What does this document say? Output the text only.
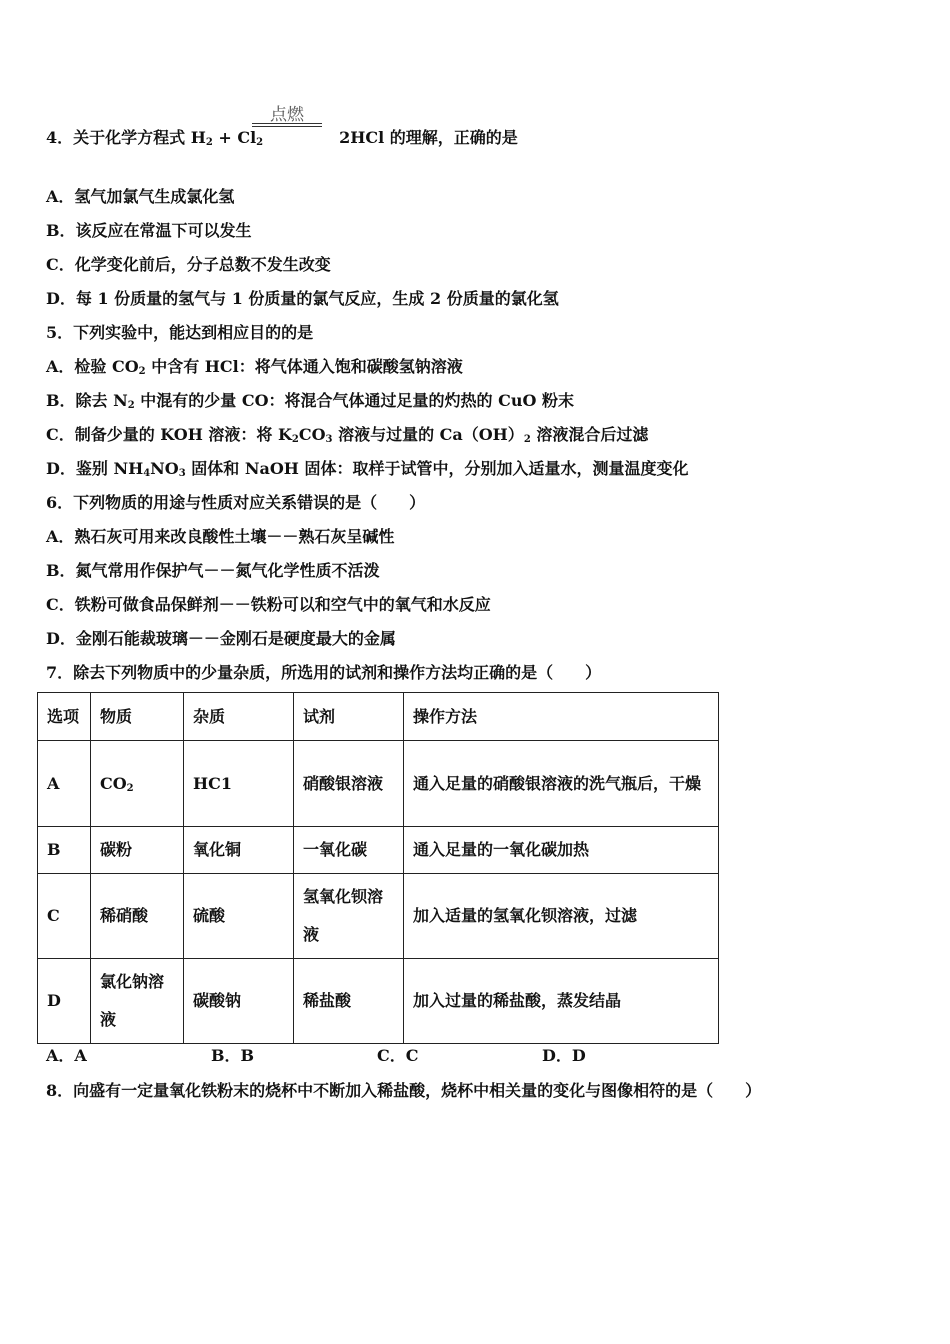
4．关于化学方程式 $H_2 + Cl_2$	2HCl 的理解，正确的是
点燃
A．氢气加氯气生成氯化氢
B．该反应在常温下可以发生
C．化学变化前后，分子总数不发生改变
D．每 1 份质量的氢气与 1 份质量的氯气反应，生成 2 份质量的氯化氢
5．下列实验中，能达到相应目的的是
A．检验 $CO_2$ 中含有 HCl：将气体通入饱和碳酸氢钠溶液
B．除去 $N_2$ 中混有的少量 CO：将混合气体通过足量的灼热的 CuO 粉末
C．制备少量的 KOH 溶液：将 $K_2CO_3$ 溶液与过量的 $Ca(OH)_2$ 溶液混合后过滤
D．鉴别 $NH_4NO_3$ 固体和 NaOH 固体：取样于试管中，分别加入适量水，测量温度变化
6．下列物质的用途与性质对应关系错误的是（　　）
A．熟石灰可用来改良酸性土壤－－熟石灰呈碱性
B．氮气常用作保护气－－氮气化学性质不活泼
C．铁粉可做食品保鲜剂－－铁粉可以和空气中的氧气和水反应
D．金刚石能裁玻璃－－金刚石是硬度最大的金属
7．除去下列物质中的少量杂质，所选用的试剂和操作方法均正确的是（　　）
选项	物质	杂质	试剂	操作方法
A	$CO_2$	HC1	硝酸银溶液	通入足量的硝酸银溶液的洗气瓶后，干燥
B	碳粉	氧化铜	一氧化碳	通入足量的一氧化碳加热
C	稀硝酸	硫酸	氢氧化钡溶液	加入适量的氢氧化钡溶液，过滤
D	氯化钠溶液	碳酸钠	稀盐酸	加入过量的稀盐酸，蒸发结晶
A．A	B．B	C．C	D．D
8．向盛有一定量氧化铁粉末的烧杯中不断加入稀盐酸，烧杯中相关量的变化与图像相符的是（　　）
